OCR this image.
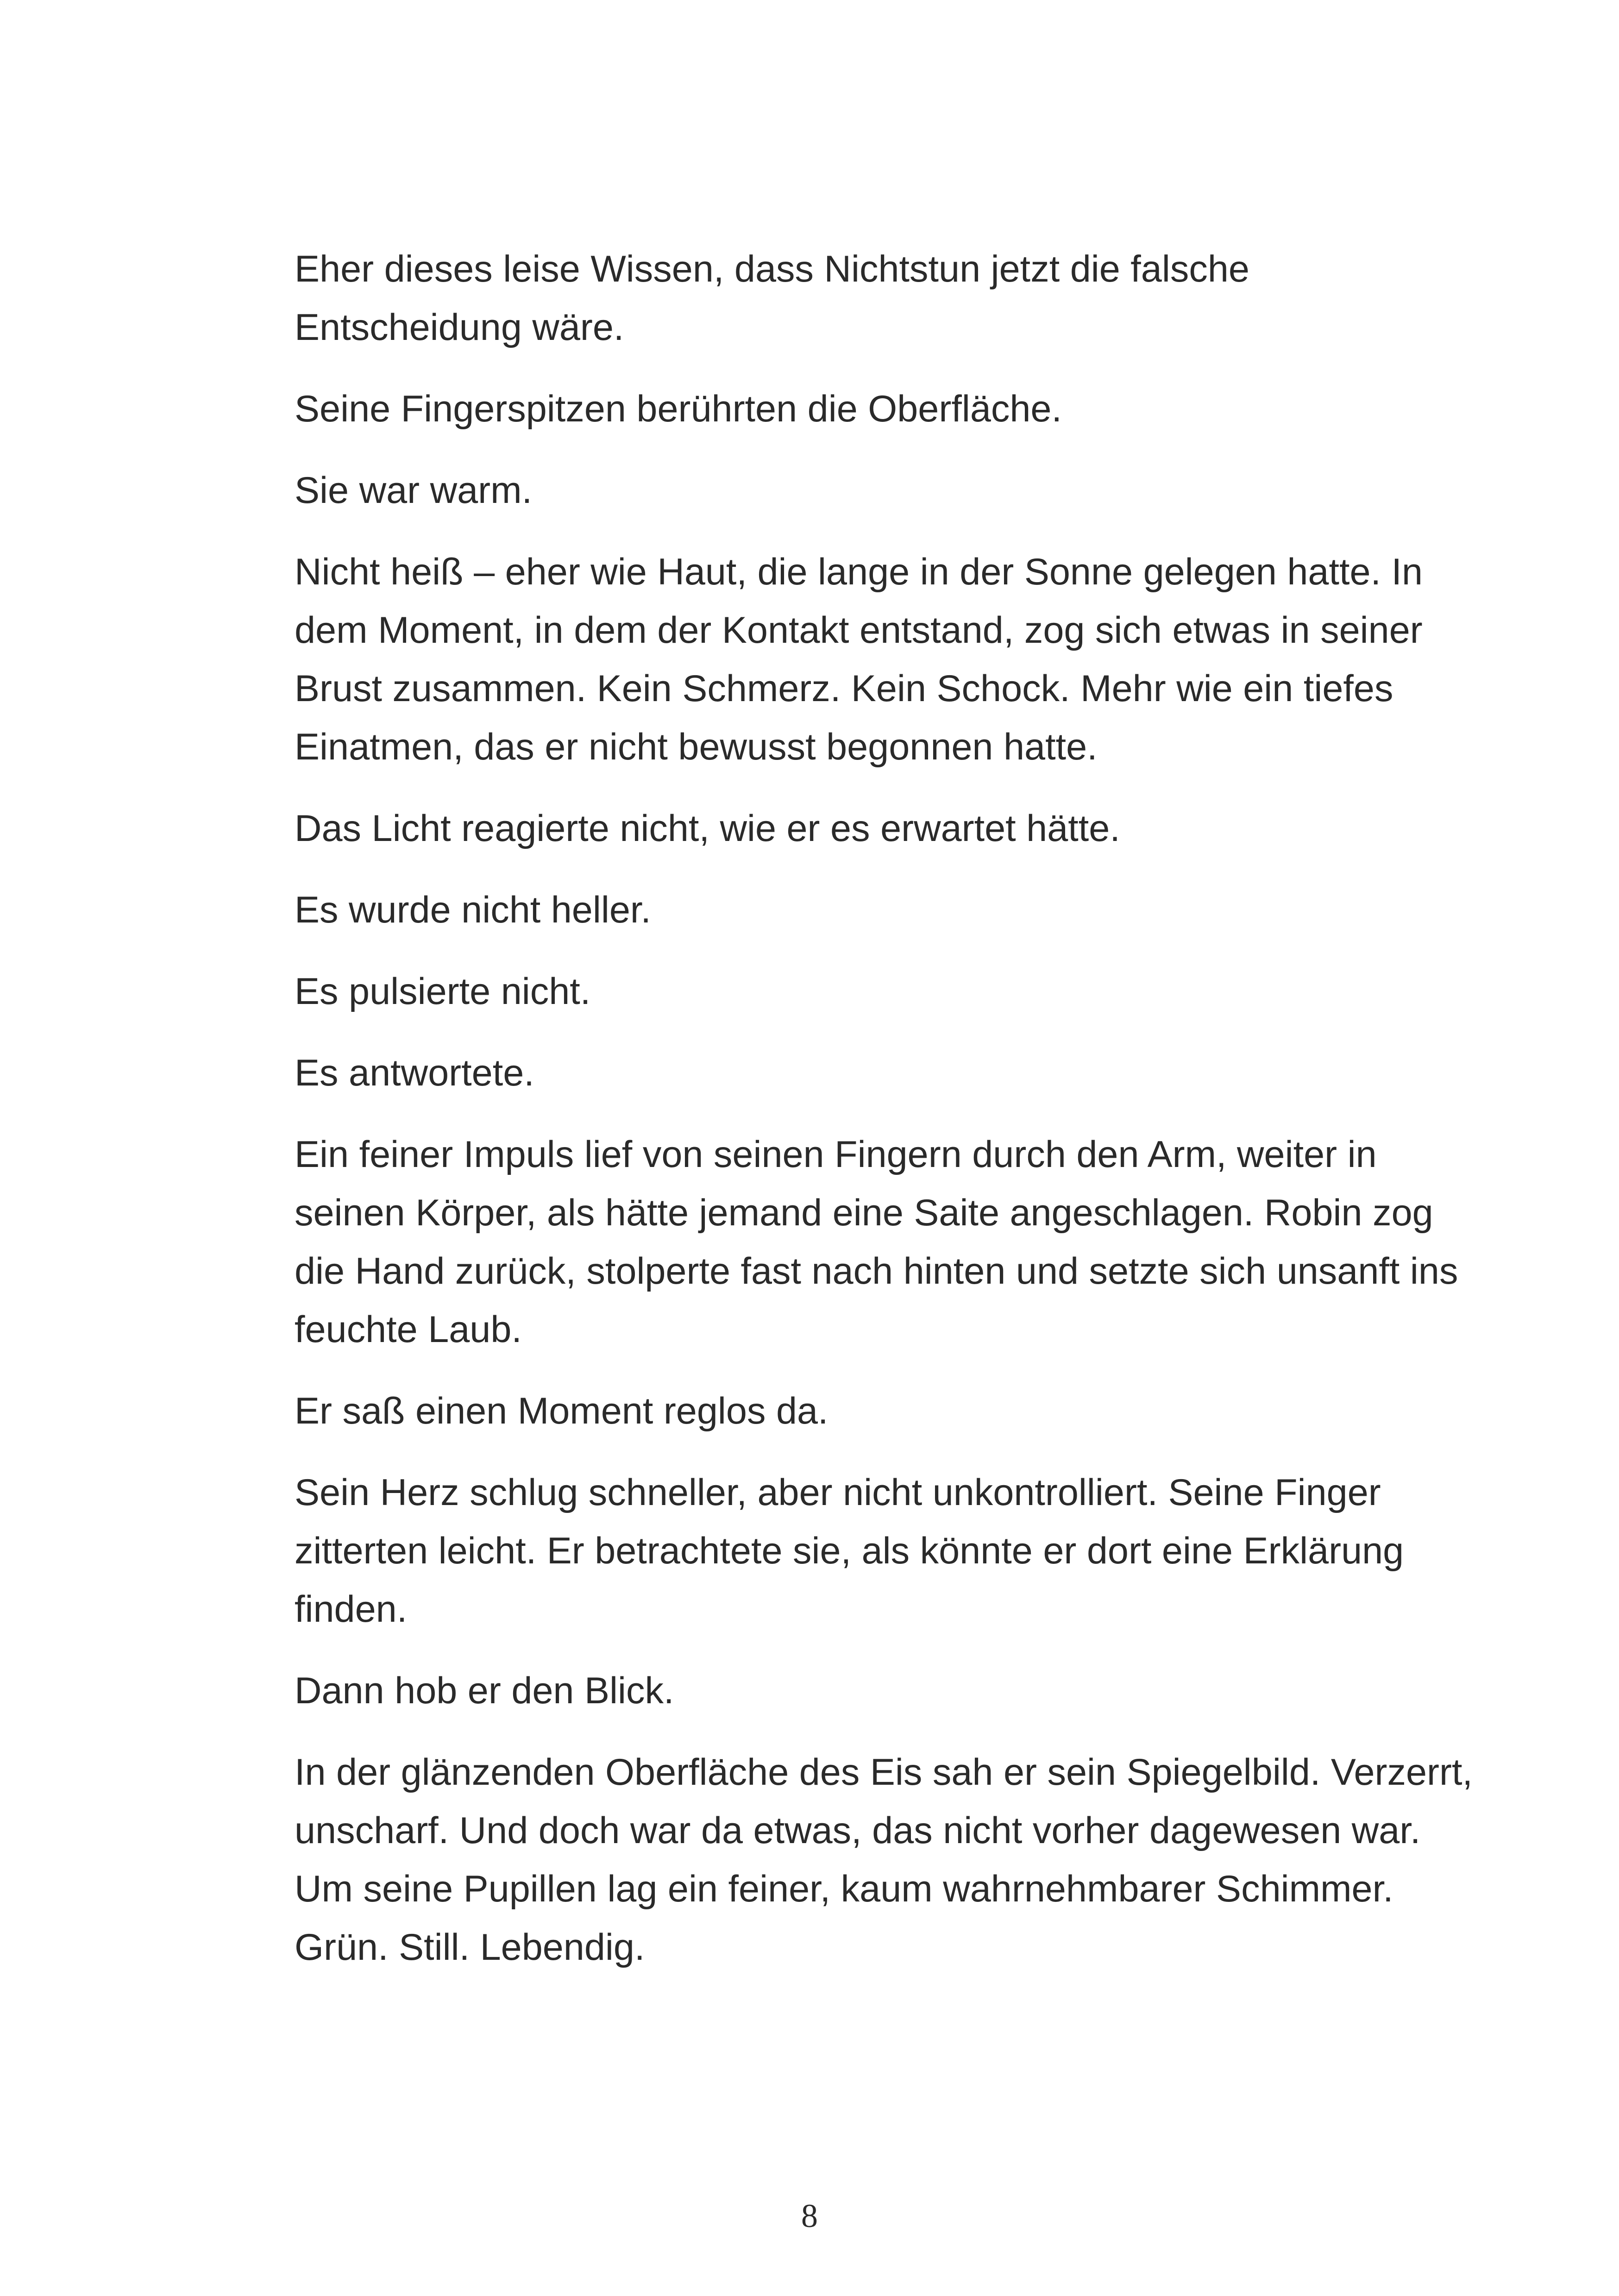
Eher dieses leise Wissen, dass Nichtstun jetzt die falsche Entscheidung wäre.

Seine Fingerspitzen berührten die Oberfläche.

Sie war warm.

Nicht heiß – eher wie Haut, die lange in der Sonne gelegen hatte. In dem Moment, in dem der Kontakt entstand, zog sich etwas in seiner Brust zusammen. Kein Schmerz. Kein Schock. Mehr wie ein tiefes Einatmen, das er nicht bewusst begonnen hatte.

Das Licht reagierte nicht, wie er es erwartet hätte.

Es wurde nicht heller.

Es pulsierte nicht.

Es antwortete.

Ein feiner Impuls lief von seinen Fingern durch den Arm, weiter in seinen Körper, als hätte jemand eine Saite angeschlagen. Robin zog die Hand zurück, stolperte fast nach hinten und setzte sich unsanft ins feuchte Laub.

Er saß einen Moment reglos da.

Sein Herz schlug schneller, aber nicht unkontrolliert. Seine Finger zitterten leicht. Er betrachtete sie, als könnte er dort eine Erklärung finden.

Dann hob er den Blick.

In der glänzenden Oberfläche des Eis sah er sein Spiegelbild. Verzerrt, unscharf. Und doch war da etwas, das nicht vorher dagewesen war. Um seine Pupillen lag ein feiner, kaum wahrnehmbarer Schimmer. Grün. Still. Lebendig.

8
